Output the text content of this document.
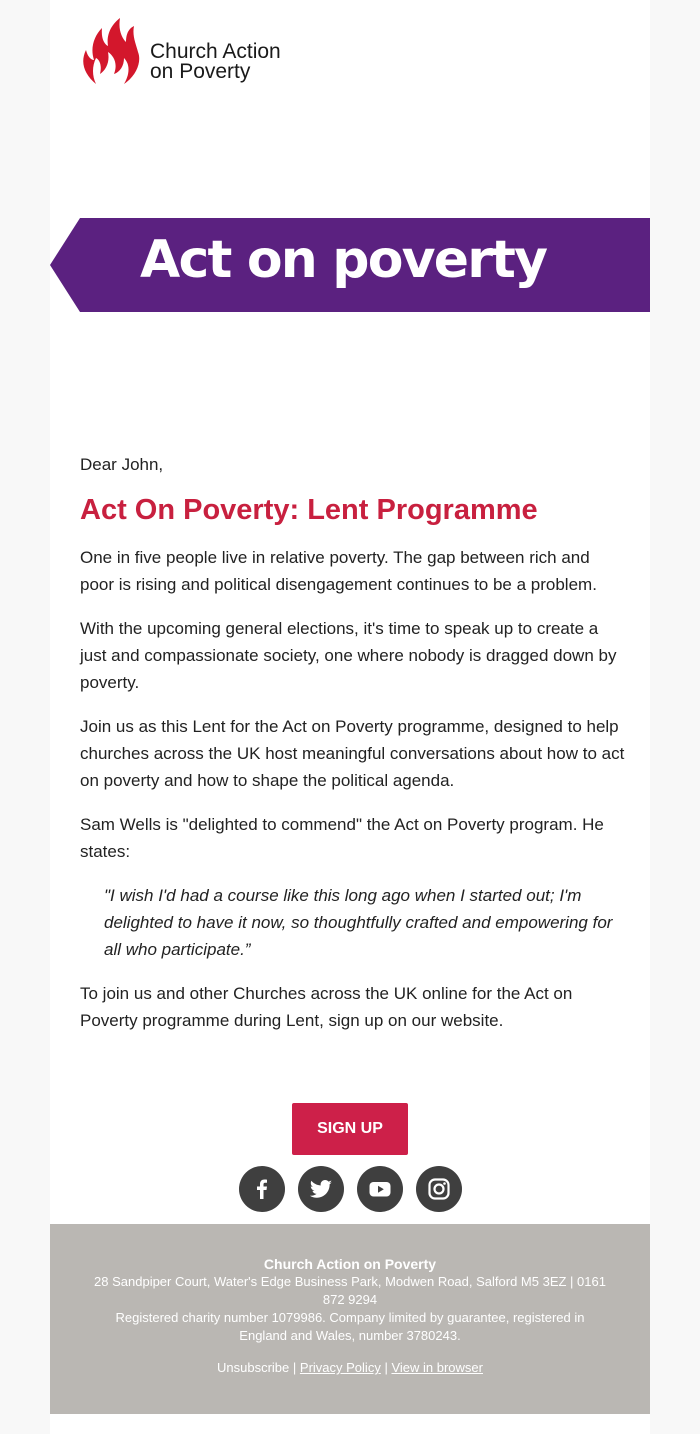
Church Action
on Poverty
Act on poverty

Dear John,

Act On Poverty: Lent Programme

One in five people live in relative poverty. The gap between rich and poor is rising and political disengagement continues to be a problem.

With the upcoming general elections, it's time to speak up to create a just and compassionate society, one where nobody is dragged down by poverty.

Join us as this Lent for the Act on Poverty programme, designed to help churches across the UK host meaningful conversations about how to act on poverty and how to shape the political agenda.

Sam Wells is "delighted to commend" the Act on Poverty program. He states:

"I wish I'd had a course like this long ago when I started out; I'm delighted to have it now, so thoughtfully crafted and empowering for all who participate.”

To join us and other Churches across the UK online for the Act on Poverty programme during Lent, sign up on our website.

SIGN UP

Church Action on Poverty
28 Sandpiper Court, Water's Edge Business Park, Modwen Road, Salford M5 3EZ | 0161 872 9294
Registered charity number 1079986. Company limited by guarantee, registered in England and Wales, number 3780243.
Unsubscribe | Privacy Policy | View in browser
